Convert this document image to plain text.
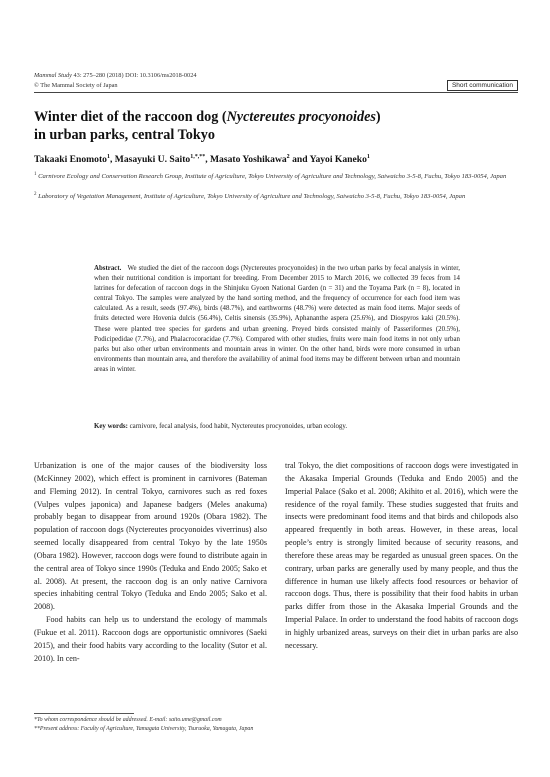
Mammal Study 43: 275–280 (2018) DOI: 10.3106/ms2018-0024
© The Mammal Society of Japan	Short communication
Winter diet of the raccoon dog (Nyctereutes procyonoides)
in urban parks, central Tokyo
Takaaki Enomoto$^1$, Masayuki U. Saito$^{1,*,**}$, Masato Yoshikawa$^2$ and Yayoi Kaneko$^1$
$^1$ Carnivore Ecology and Conservation Research Group, Institute of Agriculture, Tokyo University of Agriculture and Technology, Saiwaicho 3-5-8, Fuchu, Tokyo 183-0054, Japan
$^2$ Laboratory of Vegetation Management, Institute of Agriculture, Tokyo University of Agriculture and Technology, Saiwaicho 3-5-8, Fuchu, Tokyo 183-0054, Japan
Abstract. We studied the diet of the raccoon dogs (Nyctereutes procyonoides) in the two urban parks by fecal analysis in winter, when their nutritional condition is important for breeding. From December 2015 to March 2016, we collected 39 feces from 14 latrines for defecation of raccoon dogs in the Shinjuku Gyoen National Garden (n = 31) and the Toyama Park (n = 8), located in central Tokyo. The samples were analyzed by the hand sorting method, and the frequency of occurrence for each food item was calculated. As a result, seeds (97.4%), birds (48.7%), and earthworms (48.7%) were detected as main food items. Major seeds of fruits detected were Hovenia dulcis (56.4%), Celtis sinensis (35.9%), Aphananthe aspera (25.6%), and Diospyros kaki (20.5%). These were planted tree species for gardens and urban greening. Preyed birds consisted mainly of Passeriformes (20.5%), Podicipedidae (7.7%), and Phalacrocoracidae (7.7%). Compared with other studies, fruits were main food items in not only urban parks but also other urban environments and mountain areas in winter. On the other hand, birds were more consumed in urban environments than mountain area, and therefore the availability of animal food items may be different between urban and mountain areas in winter.
Key words: carnivore, fecal analysis, food habit, Nyctereutes procyonoides, urban ecology.

Urbanization is one of the major causes of the biodiversity loss (McKinney 2002), which effect is prominent in carnivores (Bateman and Fleming 2012). In central Tokyo, carnivores such as red foxes (Vulpes vulpes japonica) and Japanese badgers (Meles anakuma) probably began to disappear from around 1920s (Obara 1982). The population of raccoon dogs (Nyctereutes procyonoides viverrinus) also seemed locally disappeared from central Tokyo by the late 1950s (Obara 1982). However, raccoon dogs were found to distribute again in the central area of Tokyo since 1990s (Teduka and Endo 2005; Sako et al. 2008). At present, the raccoon dog is an only native Carnivora species inhabiting central Tokyo (Teduka and Endo 2005; Sako et al. 2008).

Food habits can help us to understand the ecology of mammals (Fukue et al. 2011). Raccoon dogs are opportunistic omnivores (Saeki 2015), and their food habits vary according to the locality (Sutor et al. 2010). In cen-

tral Tokyo, the diet compositions of raccoon dogs were investigated in the Akasaka Imperial Grounds (Teduka and Endo 2005) and the Imperial Palace (Sako et al. 2008; Akihito et al. 2016), which were the residence of the royal family. These studies suggested that fruits and insects were predominant food items and that birds and chilopods also appeared frequently in both areas. However, in these areas, local people’s entry is strongly limited because of security reasons, and therefore these areas may be regarded as unusual green spaces. On the contrary, urban parks are generally used by many people, and thus the difference in human use likely affects food resources or behavior of raccoon dogs. Thus, there is possibility that their food habits in urban parks differ from those in the Akasaka Imperial Grounds and the Imperial Palace. In order to understand the food habits of raccoon dogs in highly urbanized areas, surveys on their diet in urban parks are also necessary.

*To whom correspondence should be addressed. E-mail: saito.ume@gmail.com
**Present address: Faculty of Agriculture, Yamagata University, Tsuruoka, Yamagata, Japan
